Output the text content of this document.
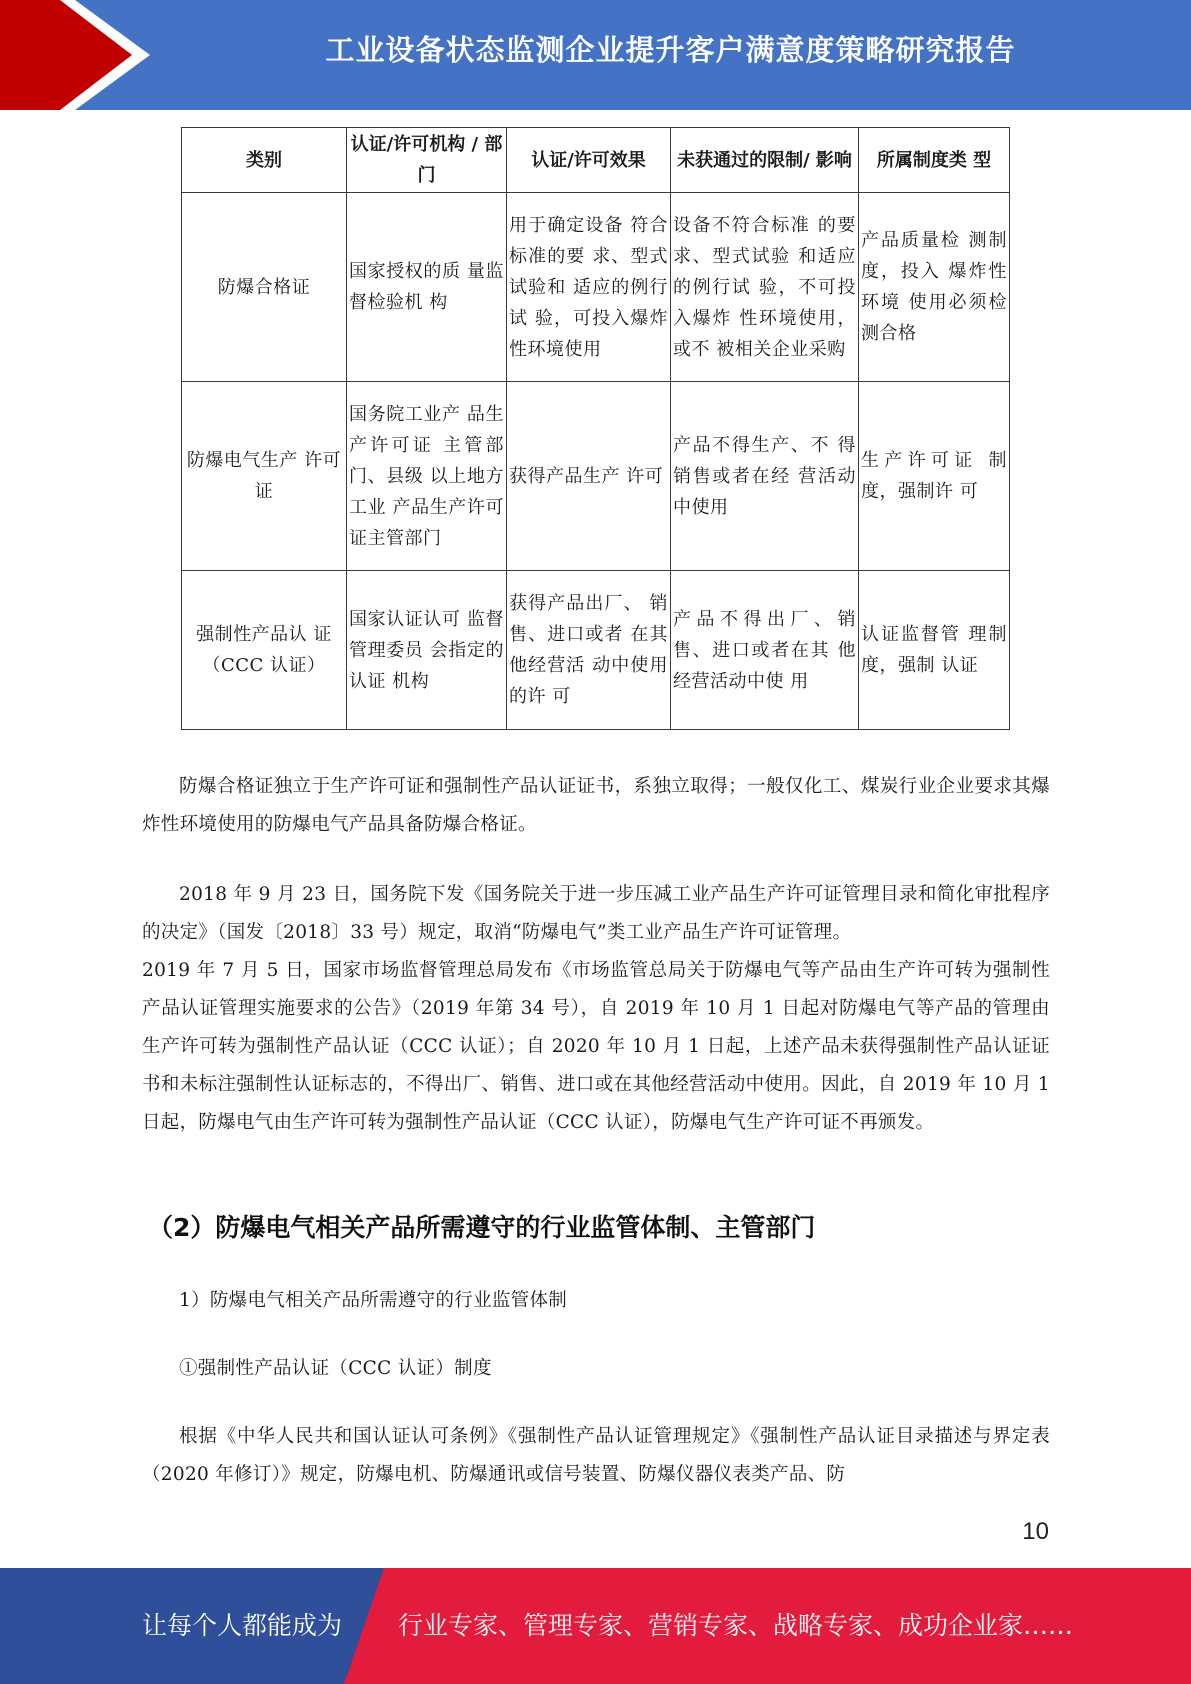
工业设备状态监测企业提升客户满意度策略研究报告
类别	认证/许可机构 / 部门	认证/许可效果	未获通过的限制/ 影响	所属制度类 型
防爆合格证	国家授权的质 量监督检验机 构	用于确定设备 符合标准的要 求、型式试验和 适应的例行试 验，可投入爆炸 性环境使用	设备不符合标准 的要求、型式试验 和适应的例行试 验，不可投入爆炸 性环境使用，或不 被相关企业采购	产品质量检 测制度，投入 爆炸性环境 使用必须检 测合格
防爆电气生产 许可证	国务院工业产 品生产许可证 主管部门、县级 以上地方工业 产品生产许可 证主管部门	获得产品生产 许可	产品不得生产、不 得销售或者在经 营活动中使用	生产许可证 制度，强制许 可
强制性产品认 证（CCC 认证）	国家认证认可 监督管理委员 会指定的认证 机构	获得产品出厂、 销售、进口或者 在其他经营活 动中使用的许 可	产品不得出厂、销 售、进口或者在其 他经营活动中使 用	认证监督管 理制度，强制 认证

防爆合格证独立于生产许可证和强制性产品认证证书，系独立取得；一般仅化工、煤炭行业企业要求其爆炸性环境使用的防爆电气产品具备防爆合格证。

2018 年 9 月 23 日，国务院下发《国务院关于进一步压减工业产品生产许可证管理目录和简化审批程序的决定》（国发〔2018〕33 号）规定，取消“防爆电气”类工业产品生产许可证管理。

2019 年 7 月 5 日，国家市场监督管理总局发布《市场监管总局关于防爆电气等产品由生产许可转为强制性产品认证管理实施要求的公告》（2019 年第 34 号），自 2019 年 10 月 1 日起对防爆电气等产品的管理由生产许可转为强制性产品认证（CCC 认证）；自 2020 年 10 月 1 日起，上述产品未获得强制性产品认证证书和未标注强制性认证标志的，不得出厂、销售、进口或在其他经营活动中使用。因此，自 2019 年 10 月 1 日起，防爆电气由生产许可转为强制性产品认证（CCC 认证），防爆电气生产许可证不再颁发。

（2）防爆电气相关产品所需遵守的行业监管体制、主管部门

1）防爆电气相关产品所需遵守的行业监管体制

①强制性产品认证（CCC 认证）制度

根据《中华人民共和国认证认可条例》《强制性产品认证管理规定》《强制性产品认证目录描述与界定表（2020 年修订）》规定，防爆电机、防爆通讯或信号装置、防爆仪器仪表类产品、防

10
让每个人都能成为 行业专家、管理专家、营销专家、战略专家、成功企业家……
